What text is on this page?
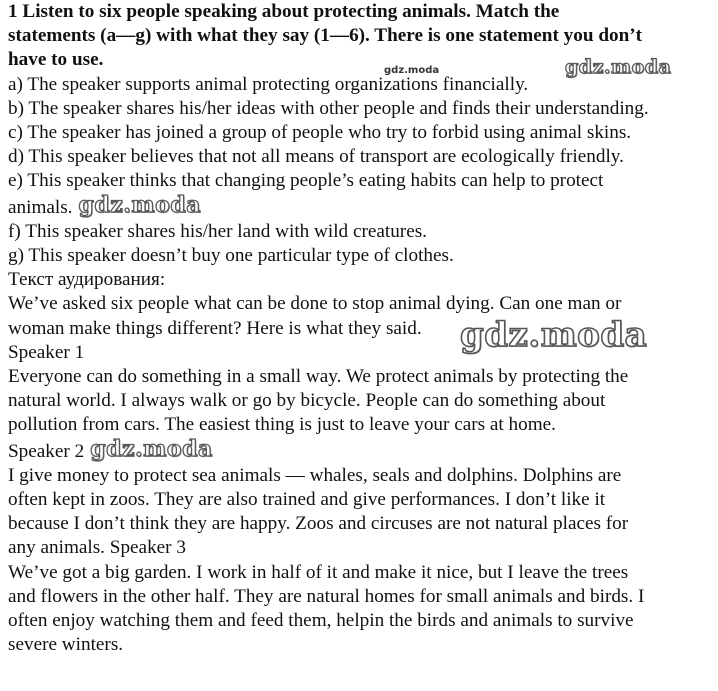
1 Listen to six people speaking about protecting animals. Match the
statements (a—g) with what they say (1—6). There is one statement you don’t
have to use.
a) The speaker supports animal protecting organizations financially.
b) The speaker shares his/her ideas with other people and finds their understanding.
c) The speaker has joined a group of people who try to forbid using animal skins.
d) This speaker believes that not all means of transport are ecologically friendly.
e) This speaker thinks that changing people’s eating habits can help to protect
animals. gdz.moda
f) This speaker shares his/her land with wild creatures.
g) This speaker doesn’t buy one particular type of clothes.
Текст аудирования:
We’ve asked six people what can be done to stop animal dying. Can one man or
woman make things different? Here is what they said.
Speaker 1
Everyone can do something in a small way. We protect animals by protecting the
natural world. I always walk or go by bicycle. People can do something about
pollution from cars. The easiest thing is just to leave your cars at home.
Speaker 2 gdz.moda
I give money to protect sea animals — whales, seals and dolphins. Dolphins are
often kept in zoos. They are also trained and give performances. I don’t like it
because I don’t think they are happy. Zoos and circuses are not natural places for
any animals. Speaker 3
We’ve got a big garden. I work in half of it and make it nice, but I leave the trees
and flowers in the other half. They are natural homes for small animals and birds. I
often enjoy watching them and feed them, helpin the birds and animals to survive
severe winters.
gdz.moda	gdz.moda
gdz.moda
